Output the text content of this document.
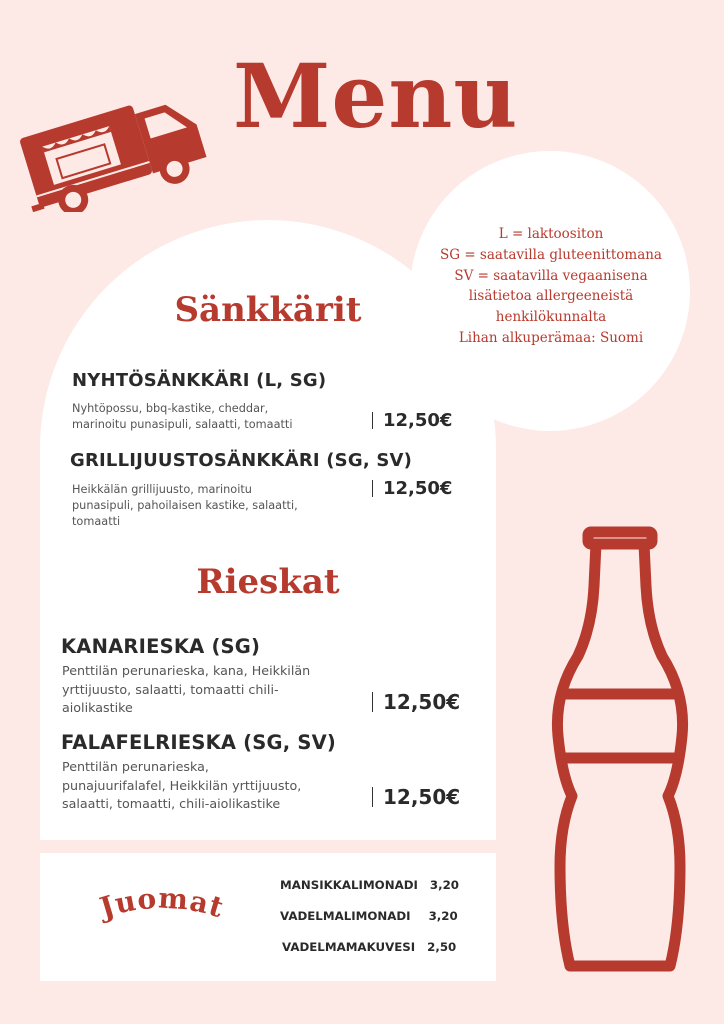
Menu
L = laktoositon
SG = saatavilla gluteenittomana
SV = saatavilla vegaanisena
lisätietoa allergeeneistä
henkilökunnalta
Lihan alkuperämaa: Suomi
Sänkkärit
NYHTÖSÄNKKÄRI (L, SG)
Nyhtöpossu, bbq-kastike, cheddar,
marinoitu punasipuli, salaatti, tomaatti	12,50€
GRILLIJUUSTOSÄNKKÄRI (SG, SV)
Heikkälän grillijuusto, marinoitu
punasipuli, pahoilaisen kastike, salaatti,
tomaatti
12,50€
Rieskat
KANARIESKA (SG)
Penttilän perunarieska, kana, Heikkilän
yrttijuusto, salaatti, tomaatti chili-
aiolikastike	12,50€
FALAFELRIESKA (SG, SV)
Penttilän perunarieska,
punajuurifalafel, Heikkilän yrttijuusto,
salaatti, tomaatti, chili-aiolikastike	12,50€
Juomat
MANSIKKALIMONADI 3,20
VADELMALIMONADI 3,20
VADELMAMAKUVESI 2,50
